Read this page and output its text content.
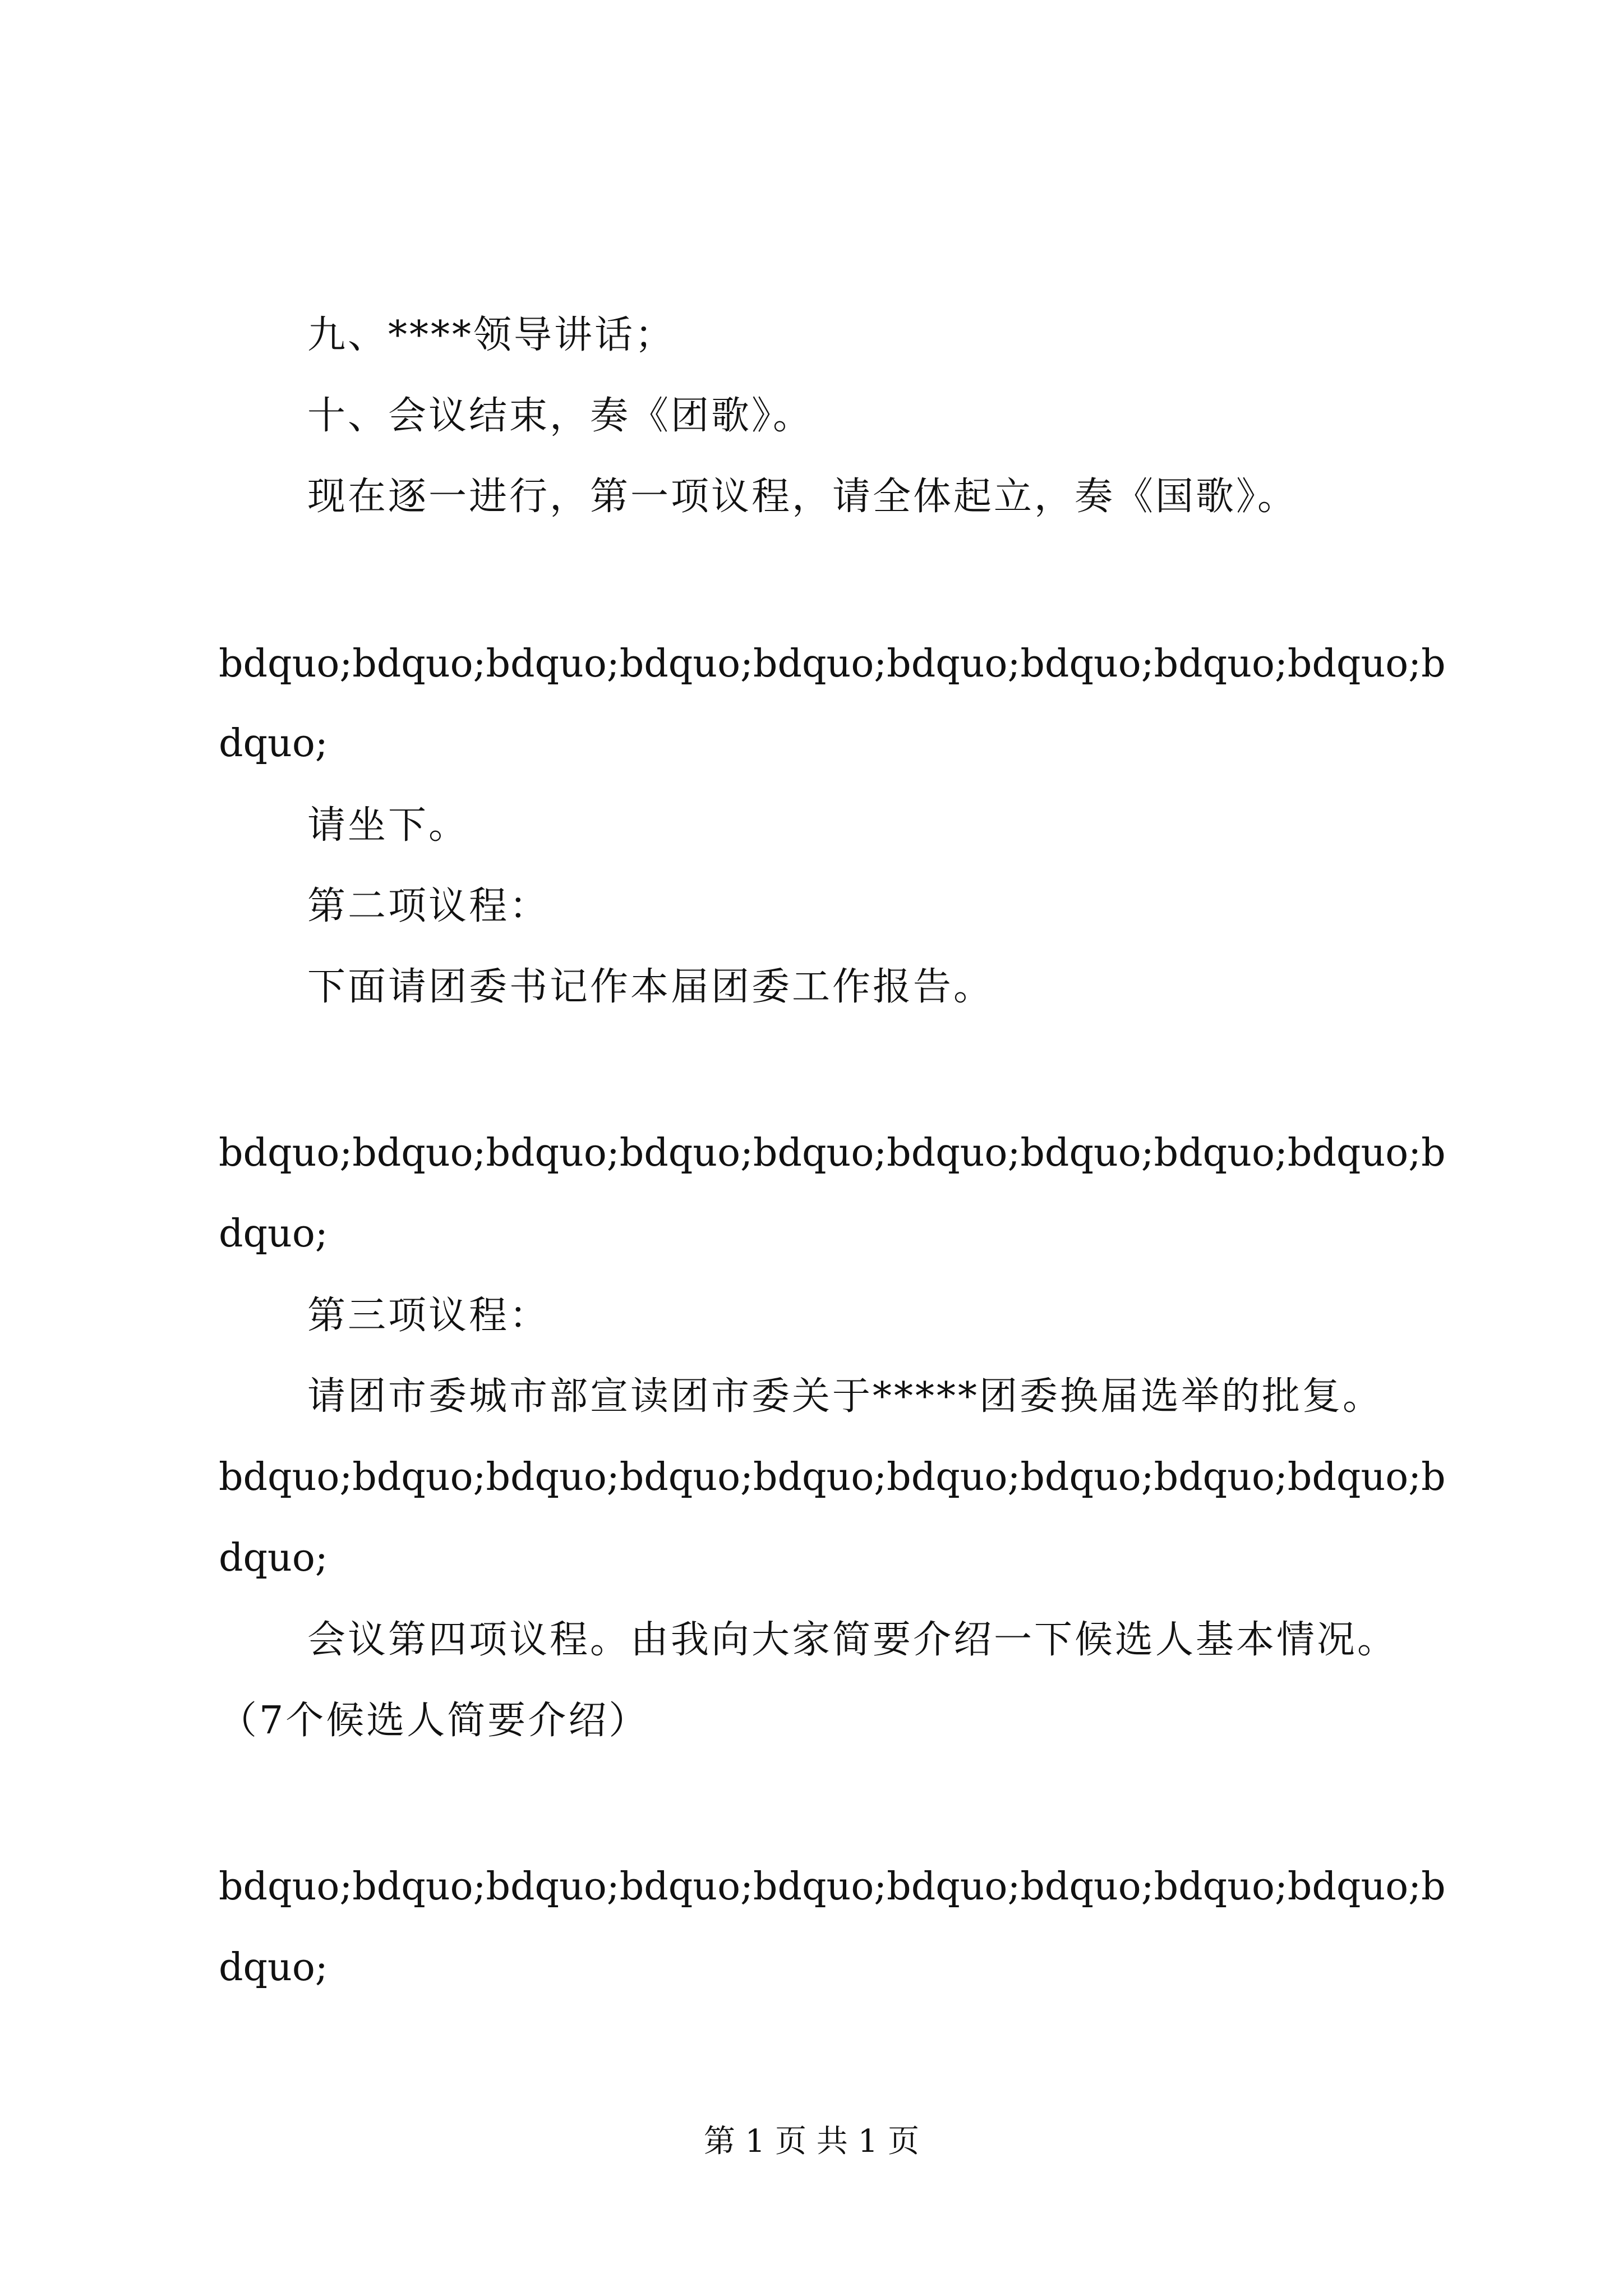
九、****领导讲话；
十、会议结束，奏《团歌》。
现在逐一进行，第一项议程，请全体起立，奏《国歌》。
bdquo;bdquo;bdquo;bdquo;bdquo;bdquo;bdquo;bdquo;bdquo;b
dquo;
请坐下。
第二项议程：
下面请团委书记作本届团委工作报告。
bdquo;bdquo;bdquo;bdquo;bdquo;bdquo;bdquo;bdquo;bdquo;b
dquo;
第三项议程：
请团市委城市部宣读团市委关于*****团委换届选举的批复。
bdquo;bdquo;bdquo;bdquo;bdquo;bdquo;bdquo;bdquo;bdquo;b
dquo;
会议第四项议程。由我向大家简要介绍一下候选人基本情况。
（7个候选人简要介绍）
bdquo;bdquo;bdquo;bdquo;bdquo;bdquo;bdquo;bdquo;bdquo;b
dquo;
第 1 页 共 1 页
